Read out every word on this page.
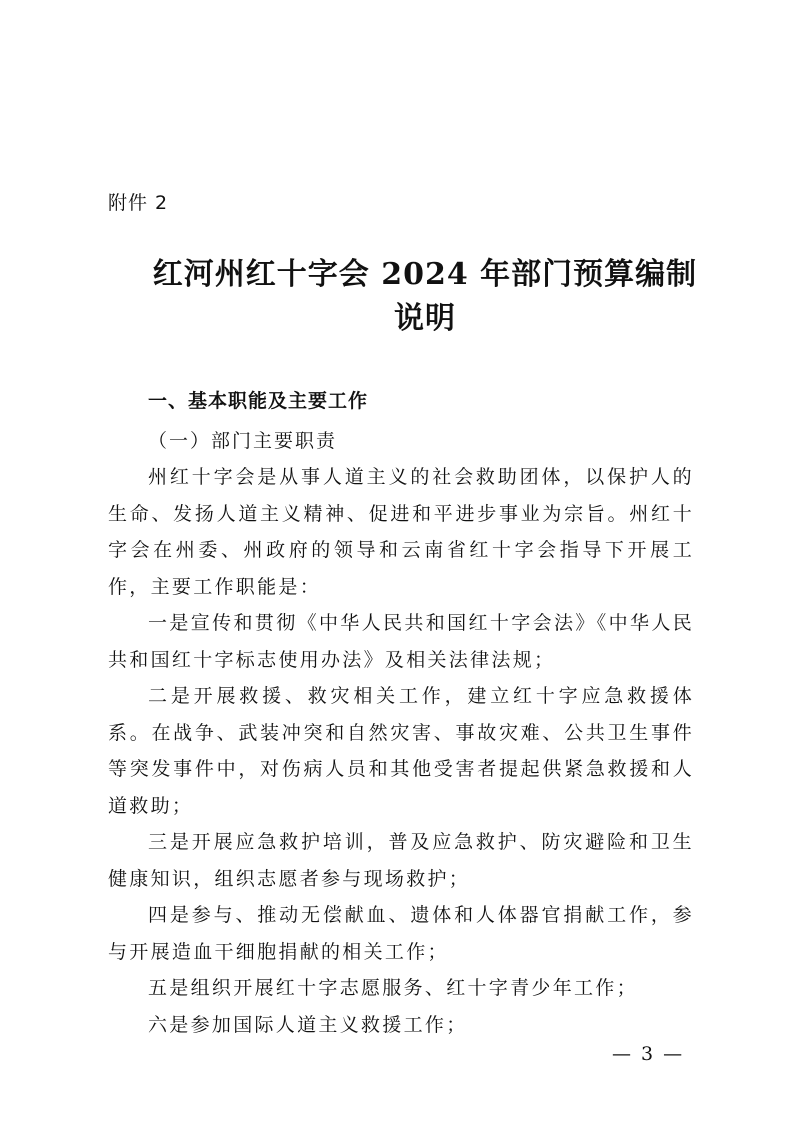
附件 2
红河州红十字会 2024 年部门预算编制说明
一、基本职能及主要工作
（一）部门主要职责

州红十字会是从事人道主义的社会救助团体，以保护人的生命、发扬人道主义精神、促进和平进步事业为宗旨。州红十字会在州委、州政府的领导和云南省红十字会指导下开展工作，主要工作职能是：

一是宣传和贯彻《中华人民共和国红十字会法》《中华人民共和国红十字标志使用办法》及相关法律法规；

二是开展救援、救灾相关工作，建立红十字应急救援体系。在战争、武装冲突和自然灾害、事故灾难、公共卫生事件等突发事件中，对伤病人员和其他受害者提起供紧急救援和人道救助；

三是开展应急救护培训，普及应急救护、防灾避险和卫生健康知识，组织志愿者参与现场救护；

四是参与、推动无偿献血、遗体和人体器官捐献工作，参与开展造血干细胞捐献的相关工作；

五是组织开展红十字志愿服务、红十字青少年工作；

六是参加国际人道主义救援工作；

— 3 —
